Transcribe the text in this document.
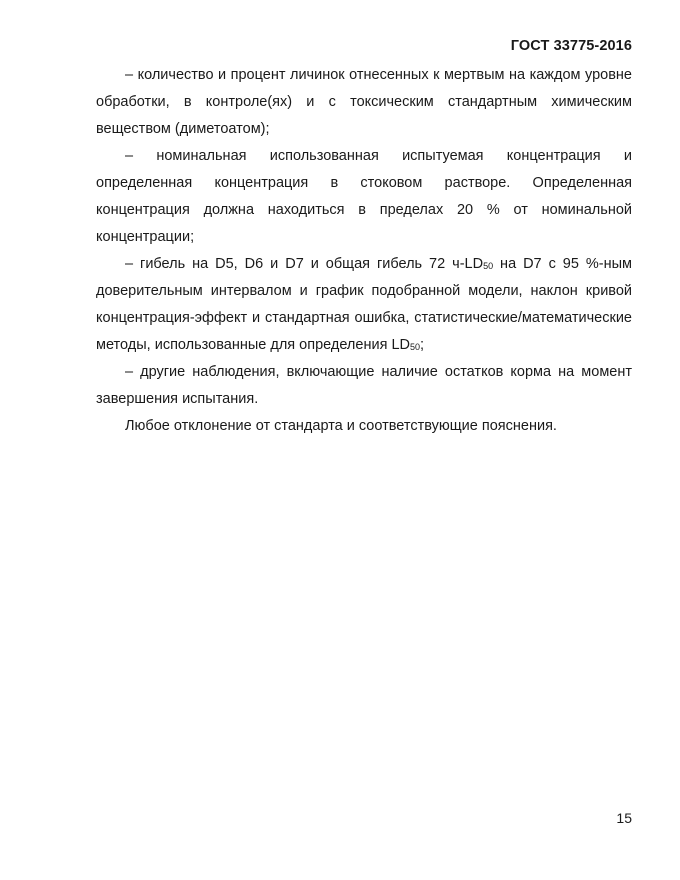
ГОСТ 33775-2016

– количество и процент личинок отнесенных к мертвым на каждом уровне обработки, в контроле(ях) и с токсическим стандартным химическим веществом (диметоатом);

– номинальная использованная испытуемая концентрация и определенная концентрация в стоковом растворе. Определенная концентрация должна находиться в пределах 20 % от номинальной концентрации;

– гибель на D5, D6 и D7 и общая гибель 72 $ч-LD_{50}$ на D7 с 95 %-ным доверительным интервалом и график подобранной модели, наклон кривой концентрация-эффект и стандартная ошибка, статистические/математические методы, использованные для определения $LD_{50}$;

– другие наблюдения, включающие наличие остатков корма на момент завершения испытания.

Любое отклонение от стандарта и соответствующие пояснения.

15
